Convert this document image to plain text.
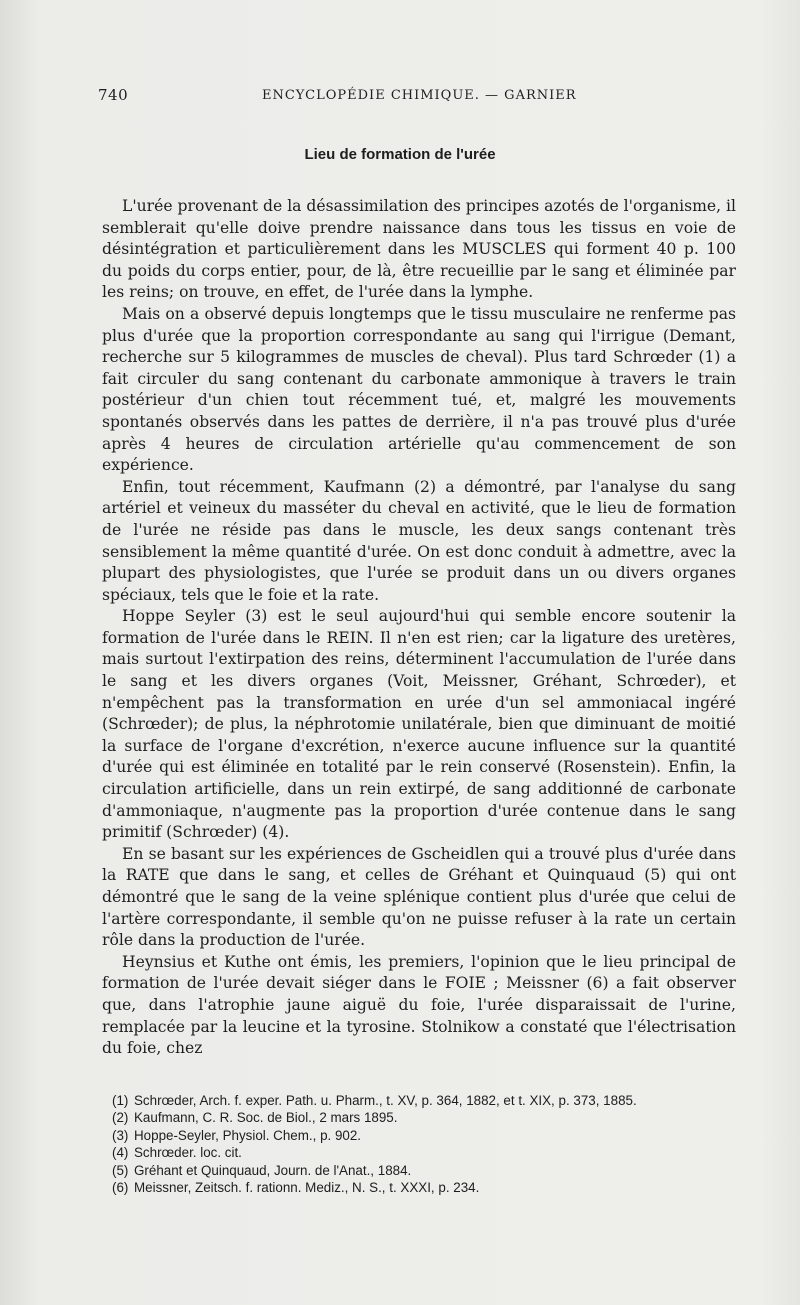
740	ENCYCLOPÉDIE CHIMIQUE. — GARNIER
Lieu de formation de l'urée

L'urée provenant de la désassimilation des principes azotés de l'organisme, il semblerait qu'elle doive prendre naissance dans tous les tissus en voie de désintégration et particulièrement dans les MUSCLES qui forment 40 p. 100 du poids du corps entier, pour, de là, être recueillie par le sang et éliminée par les reins; on trouve, en effet, de l'urée dans la lymphe.

Mais on a observé depuis longtemps que le tissu musculaire ne renferme pas plus d'urée que la proportion correspondante au sang qui l'irrigue (Demant, recherche sur 5 kilogrammes de muscles de cheval). Plus tard Schrœder (1) a fait circuler du sang contenant du carbonate ammonique à travers le train postérieur d'un chien tout récemment tué, et, malgré les mouvements spontanés observés dans les pattes de derrière, il n'a pas trouvé plus d'urée après 4 heures de circulation artérielle qu'au commencement de son expérience.

Enfin, tout récemment, Kaufmann (2) a démontré, par l'analyse du sang artériel et veineux du masséter du cheval en activité, que le lieu de formation de l'urée ne réside pas dans le muscle, les deux sangs contenant très sensiblement la même quantité d'urée. On est donc conduit à admettre, avec la plupart des physiologistes, que l'urée se produit dans un ou divers organes spéciaux, tels que le foie et la rate.

Hoppe Seyler (3) est le seul aujourd'hui qui semble encore soutenir la formation de l'urée dans le REIN. Il n'en est rien; car la ligature des uretères, mais surtout l'extirpation des reins, déterminent l'accumulation de l'urée dans le sang et les divers organes (Voit, Meissner, Gréhant, Schrœder), et n'empêchent pas la transformation en urée d'un sel ammoniacal ingéré (Schrœder); de plus, la néphrotomie unilatérale, bien que diminuant de moitié la surface de l'organe d'excrétion, n'exerce aucune influence sur la quantité d'urée qui est éliminée en totalité par le rein conservé (Rosenstein). Enfin, la circulation artificielle, dans un rein extirpé, de sang additionné de carbonate d'ammoniaque, n'augmente pas la proportion d'urée contenue dans le sang primitif (Schrœder) (4).

En se basant sur les expériences de Gscheidlen qui a trouvé plus d'urée dans la RATE que dans le sang, et celles de Gréhant et Quinquaud (5) qui ont démontré que le sang de la veine splénique contient plus d'urée que celui de l'artère correspondante, il semble qu'on ne puisse refuser à la rate un certain rôle dans la production de l'urée.

Heynsius et Kuthe ont émis, les premiers, l'opinion que le lieu principal de formation de l'urée devait siéger dans le FOIE ; Meissner (6) a fait observer que, dans l'atrophie jaune aiguë du foie, l'urée disparaissait de l'urine, remplacée par la leucine et la tyrosine. Stolnikow a constaté que l'électrisation du foie, chez

(1) Schrœder, Arch. f. exper. Path. u. Pharm., t. XV, p. 364, 1882, et t. XIX, p. 373, 1885.
(2) Kaufmann, C. R. Soc. de Biol., 2 mars 1895.
(3) Hoppe-Seyler, Physiol. Chem., p. 902.
(4) Schrœder. loc. cit.
(5) Gréhant et Quinquaud, Journ. de l'Anat., 1884.
(6) Meissner, Zeitsch. f. rationn. Mediz., N. S., t. XXXI, p. 234.
